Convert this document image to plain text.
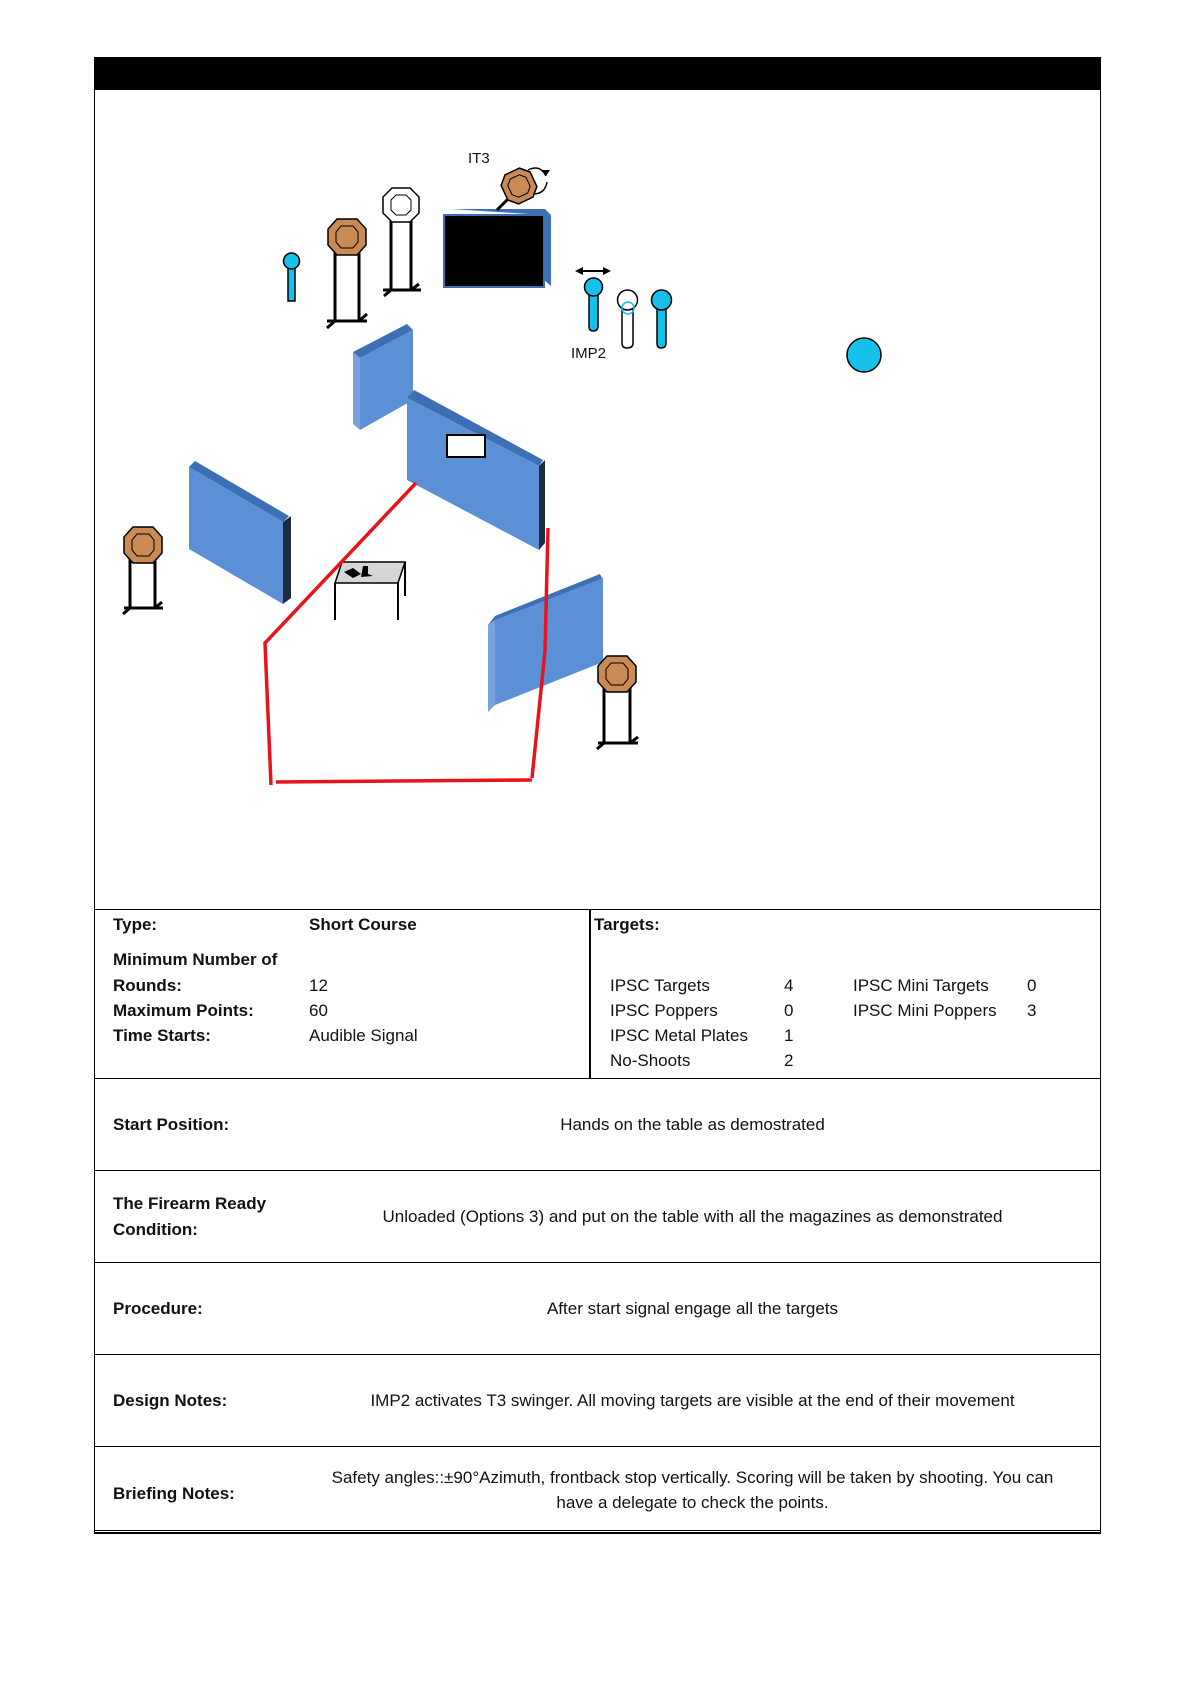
IT3
IMP2
Type:	Short Course
Minimum Number of
Rounds:	12
Maximum Points:	60
Time Starts:	Audible Signal
Targets:
IPSC Targets	4
IPSC Poppers	0
IPSC Metal Plates 1
No-Shoots	2
IPSC Mini Targets 0
IPSC Mini Poppers 3
Start Position:	Hands on the table as demostrated
The Firearm Ready
Condition:
Unloaded (Options 3) and put on the table with all the magazines as demonstrated
Procedure:	After start signal engage all the targets
Design Notes:	IMP2 activates T3 swinger. All moving targets are visible at the end of their movement
Briefing Notes:
Safety angles::±90°Azimuth, frontback stop vertically. Scoring will be taken by shooting. You can have a delegate to check the points.
